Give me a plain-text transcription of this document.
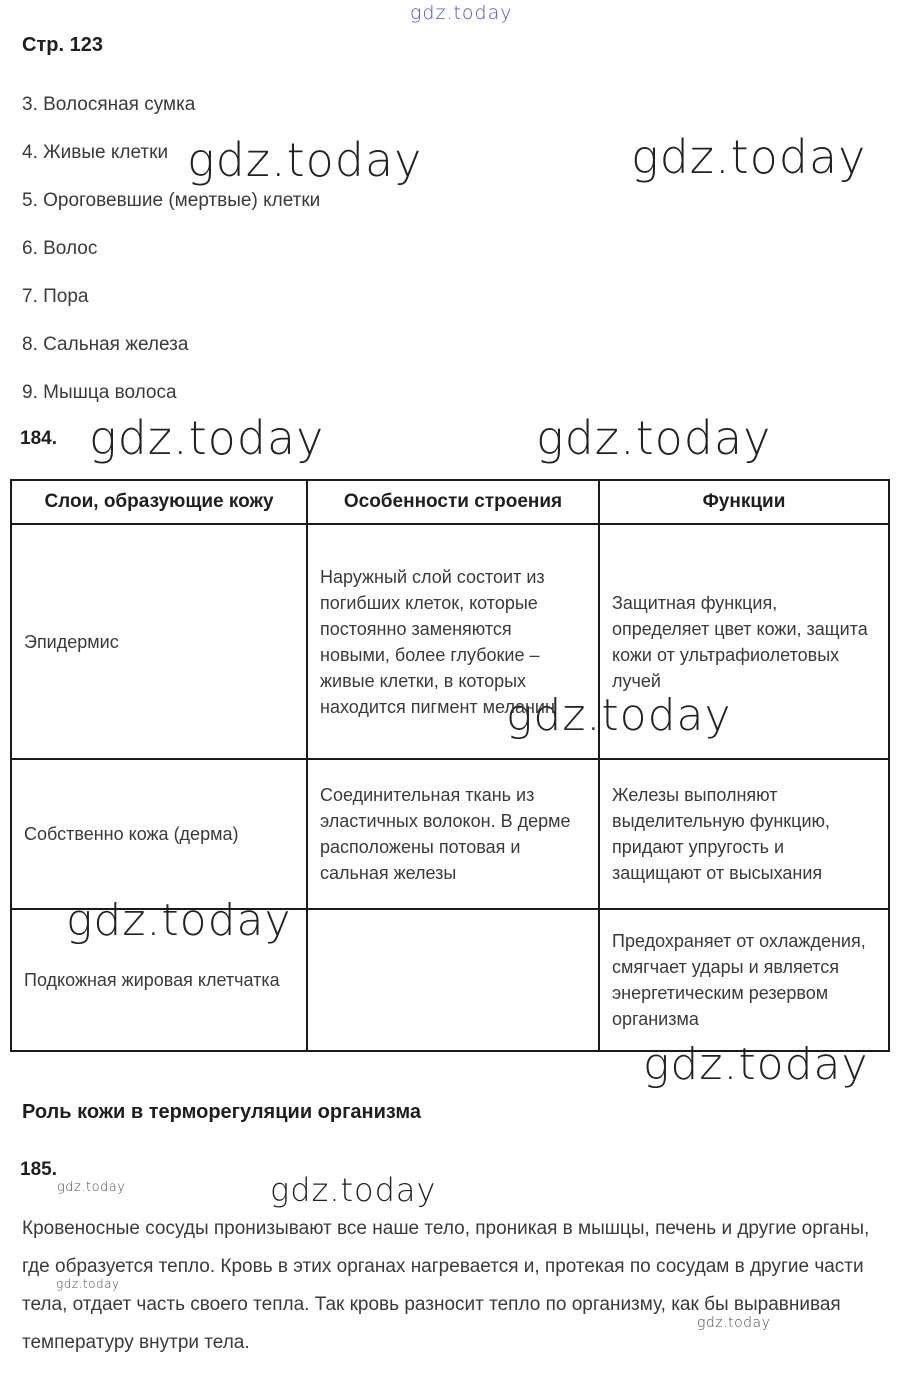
gdz.today
Стр. 123
3. Волосяная сумка
4. Живые клетки
5. Ороговевшие (мертвые) клетки
6. Волос
7. Пора
8. Сальная железа
9. Мышца волоса
184.
gdz.today	gdz.today
gdz.today	gdz.today
gdz.today
gdz.today
gdz.today
gdz.today	gdz.today
gdz.today
gdz.today
Слои, образующие кожу	Особенности строения	Функции
Эпидермис	Наружный слой состоит из погибших клеток, которые постоянно заменяются новыми, более глубокие – живые клетки, в которых находится пигмент меланин	Защитная функция, определяет цвет кожи, защита кожи от ультрафиолетовых лучей
Собственно кожа (дерма)	Соединительная ткань из эластичных волокон. В дерме расположены потовая и сальная железы	Железы выполняют выделительную функцию, придают упругость и защищают от высыхания
Подкожная жировая клетчатка		Предохраняет от охлаждения, смягчает удары и является энергетическим резервом организма
Роль кожи в терморегуляции организма
185.
Кровеносные сосуды пронизывают все наше тело, проникая в мышцы, печень и другие органы, где образуется тепло. Кровь в этих органах нагревается и, протекая по сосудам в другие части тела, отдает часть своего тепла. Так кровь разносит тепло по организму, как бы выравнивая температуру внутри тела.
